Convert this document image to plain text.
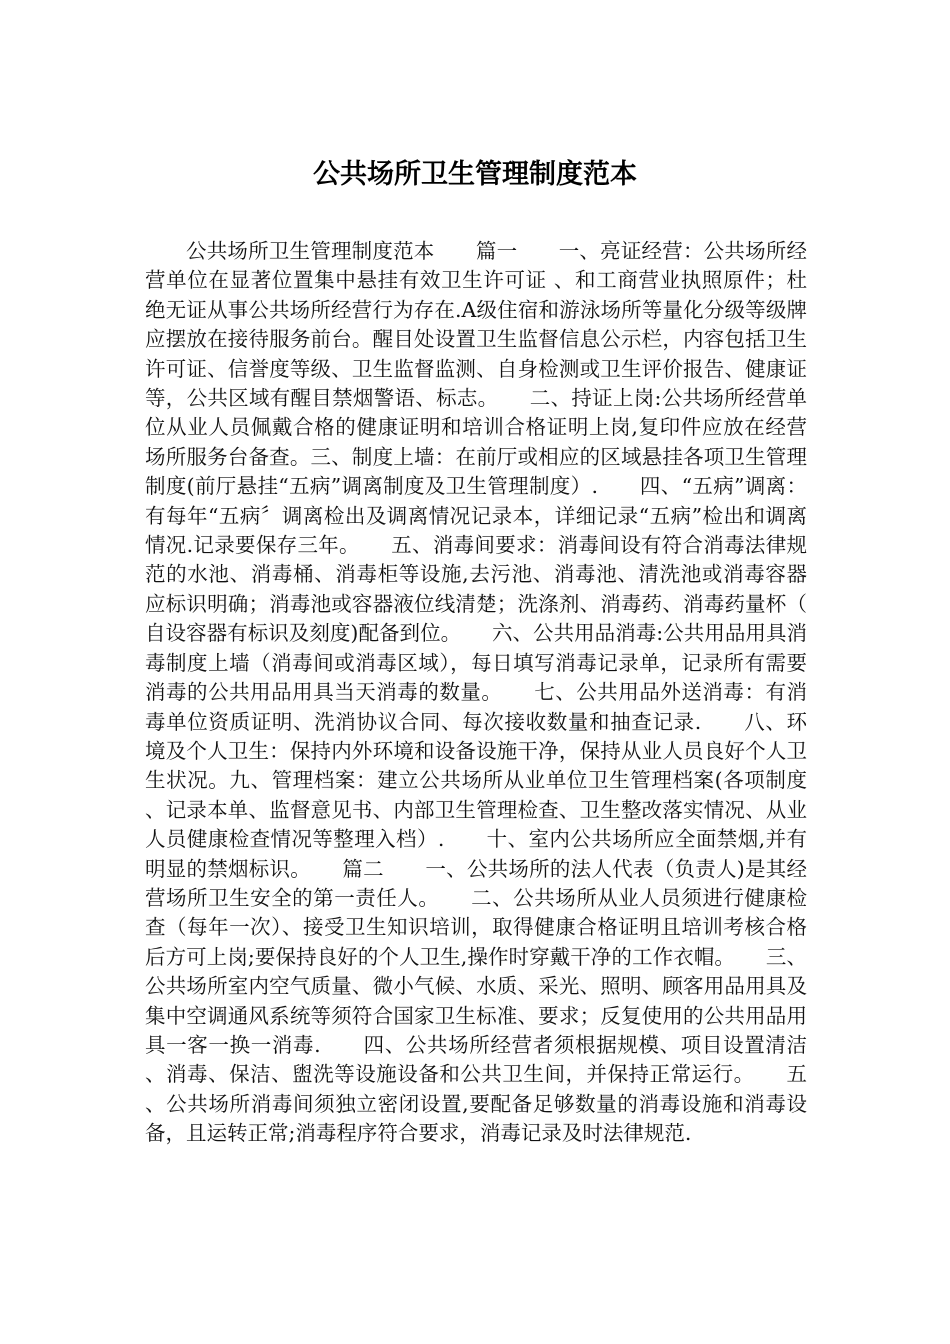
公共场所卫生管理制度范本

公共场所卫生管理制度范本　　篇一　　一、亮证经营：公共场所经营单位在显著位置集中悬挂有效卫生许可证 、和工商营业执照原件；杜绝无证从事公共场所经营行为存在.A级住宿和游泳场所等量化分级等级牌应摆放在接待服务前台。醒目处设置卫生监督信息公示栏，内容包括卫生许可证、信誉度等级、卫生监督监测、自身检测或卫生评价报告、健康证等，公共区域有醒目禁烟警语、标志。　　二、持证上岗:公共场所经营单位从业人员佩戴合格的健康证明和培训合格证明上岗,复印件应放在经营场所服务台备查。三、制度上墙：在前厅或相应的区域悬挂各项卫生管理制度(前厅悬挂“五病”调离制度及卫生管理制度）.　　四、“五病”调离：有每年“五病〞调离检出及调离情况记录本，详细记录“五病”检出和调离情况.记录要保存三年。　　五、消毒间要求：消毒间设有符合消毒法律规范的水池、消毒桶、消毒柜等设施,去污池、消毒池、清洗池或消毒容器应标识明确；消毒池或容器液位线清楚；洗涤剂、消毒药、消毒药量杯（自设容器有标识及刻度)配备到位。　　六、公共用品消毒:公共用品用具消毒制度上墙（消毒间或消毒区域），每日填写消毒记录单，记录所有需要消毒的公共用品用具当天消毒的数量。　　七、公共用品外送消毒：有消毒单位资质证明、洗消协议合同、每次接收数量和抽查记录.　　八、环境及个人卫生：保持内外环境和设备设施干净，保持从业人员良好个人卫生状况。九、管理档案：建立公共场所从业单位卫生管理档案(各项制度、记录本单、监督意见书、内部卫生管理检查、卫生整改落实情况、从业人员健康检查情况等整理入档）.　　十、室内公共场所应全面禁烟,并有明显的禁烟标识。　　篇二　　一、公共场所的法人代表（负责人)是其经营场所卫生安全的第一责任人。　　二、公共场所从业人员须进行健康检查（每年一次）、接受卫生知识培训，取得健康合格证明且培训考核合格后方可上岗;要保持良好的个人卫生,操作时穿戴干净的工作衣帽。　　三、公共场所室内空气质量、微小气候、水质、采光、照明、顾客用品用具及集中空调通风系统等须符合国家卫生标准、要求；反复使用的公共用品用具一客一换一消毒.　　四、公共场所经营者须根据规模、项目设置清洁、消毒、保洁、盥洗等设施设备和公共卫生间，并保持正常运行。　　五、公共场所消毒间须独立密闭设置,要配备足够数量的消毒设施和消毒设备，且运转正常;消毒程序符合要求，消毒记录及时法律规范.
